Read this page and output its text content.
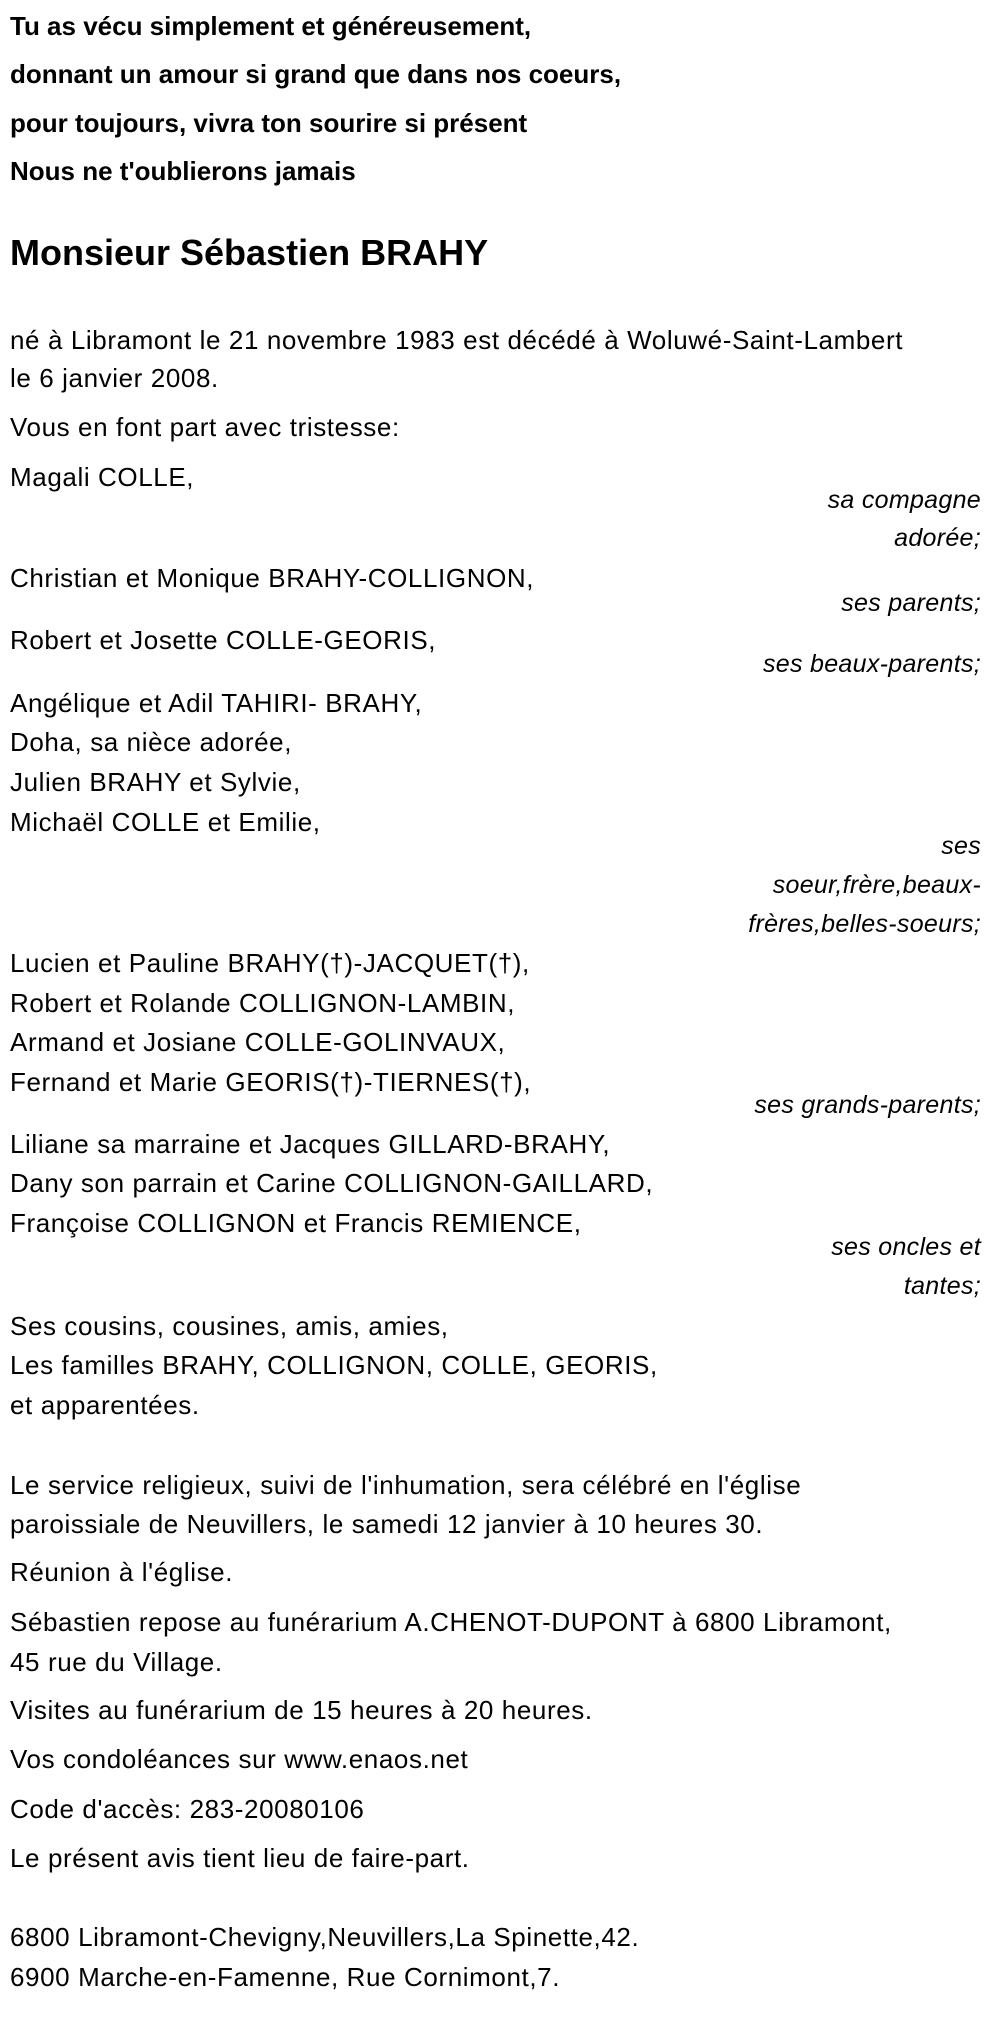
Tu as vécu simplement et généreusement,
donnant un amour si grand que dans nos coeurs,
pour toujours, vivra ton sourire si présent
Nous ne t'oublierons jamais
Monsieur Sébastien BRAHY
né à Libramont le 21 novembre 1983 est décédé à Woluwé-Saint-Lambert
le 6 janvier 2008.
Vous en font part avec tristesse:
Magali COLLE,
sa compagne
adorée;
Christian et Monique BRAHY-COLLIGNON,
ses parents;
Robert et Josette COLLE-GEORIS,
ses beaux-parents;
Angélique et Adil TAHIRI- BRAHY,
Doha, sa nièce adorée,
Julien BRAHY et Sylvie,
Michaël COLLE et Emilie,
ses
soeur,frère,beaux-
frères,belles-soeurs;
Lucien et Pauline BRAHY(†)-JACQUET(†),
Robert et Rolande COLLIGNON-LAMBIN,
Armand et Josiane COLLE-GOLINVAUX,
Fernand et Marie GEORIS(†)-TIERNES(†),
ses grands-parents;
Liliane sa marraine et Jacques GILLARD-BRAHY,
Dany son parrain et Carine COLLIGNON-GAILLARD,
Françoise COLLIGNON et Francis REMIENCE,
ses oncles et
tantes;
Ses cousins, cousines, amis, amies,
Les familles BRAHY, COLLIGNON, COLLE, GEORIS,
et apparentées.
Le service religieux, suivi de l'inhumation, sera célébré en l'église
paroissiale de Neuvillers, le samedi 12 janvier à 10 heures 30.
Réunion à l'église.
Sébastien repose au funérarium A.CHENOT-DUPONT à 6800 Libramont,
45 rue du Village.
Visites au funérarium de 15 heures à 20 heures.
Vos condoléances sur www.enaos.net
Code d'accès: 283-20080106
Le présent avis tient lieu de faire-part.
6800 Libramont-Chevigny,Neuvillers,La Spinette,42.
6900 Marche-en-Famenne, Rue Cornimont,7.
